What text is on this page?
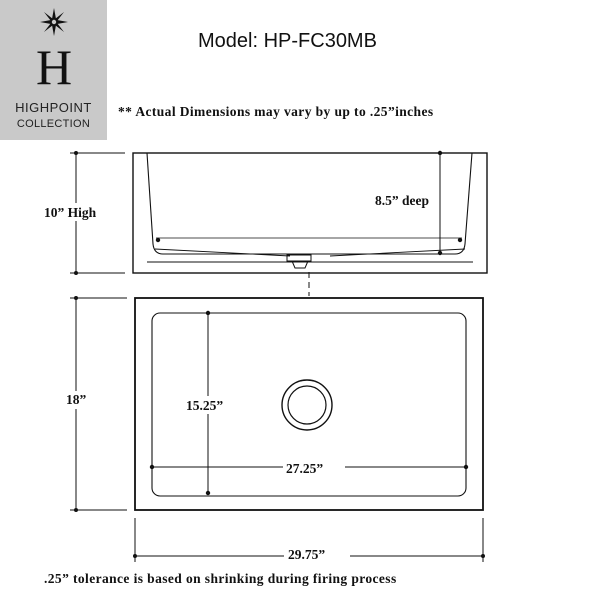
H
HIGHPOINT
COLLECTION
Model: HP-FC30MB
** Actual Dimensions may vary by up to .25”inches
8.5” deep
10” High
15.25”
27.25”
18”
29.75”
.25” tolerance is based on shrinking during firing process
